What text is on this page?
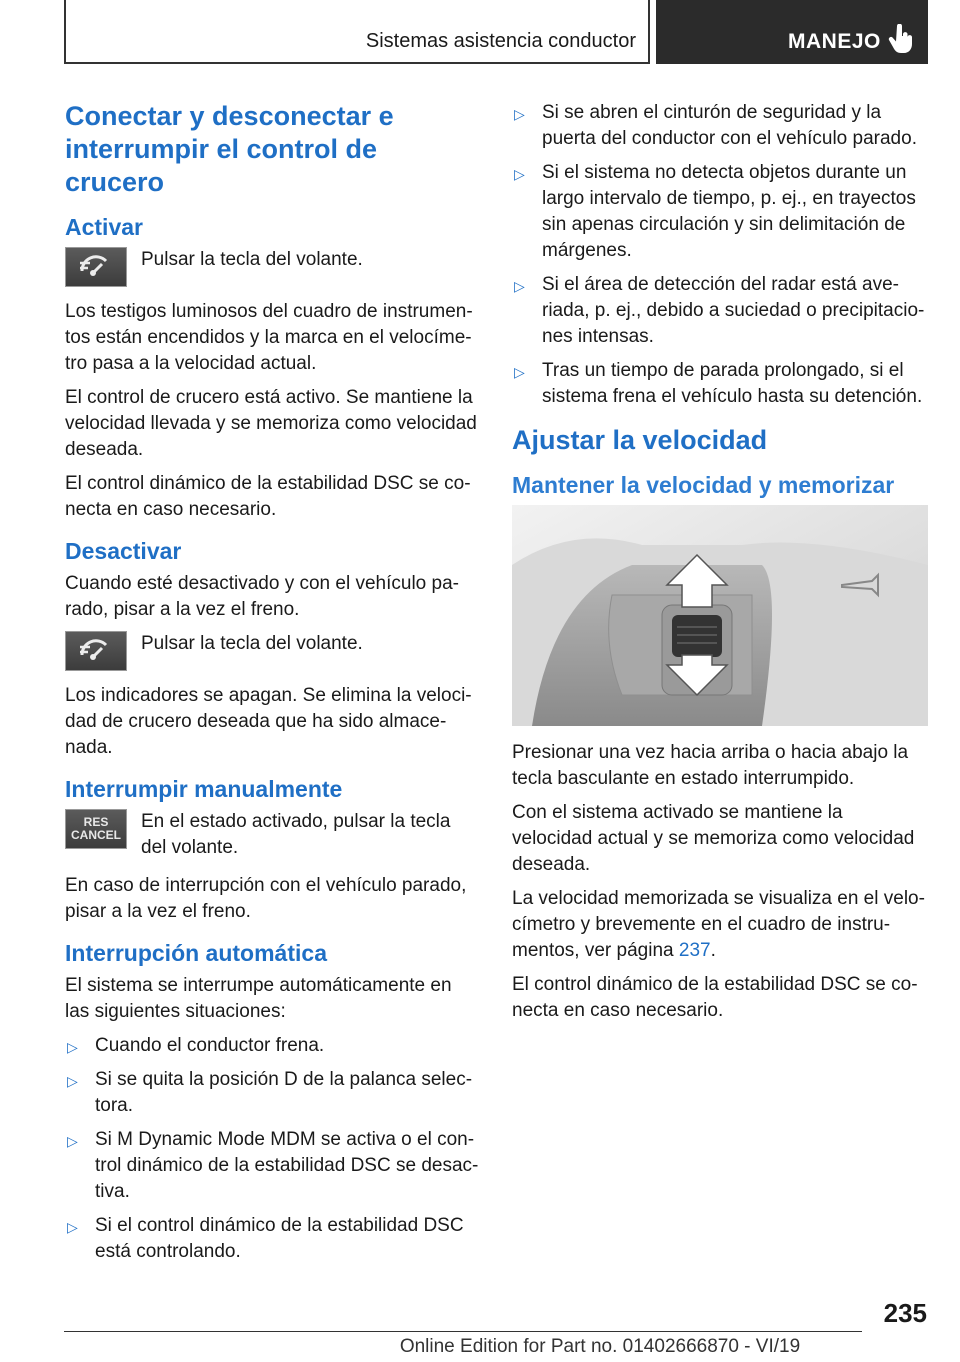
Sistemas asistencia conductor	MANEJO
Conectar y desconectar e interrumpir el control de crucero
Activar

Pulsar la tecla del volante.

Los testigos luminosos del cuadro de instrumen-tos están encendidos y la marca en el velocíme-tro pasa a la velocidad actual.

El control de crucero está activo. Se mantiene la velocidad llevada y se memoriza como velocidad deseada.

El control dinámico de la estabilidad DSC se co-necta en caso necesario.

Desactivar

Cuando esté desactivado y con el vehículo pa-rado, pisar a la vez el freno.

Pulsar la tecla del volante.

Los indicadores se apagan. Se elimina la veloci-dad de crucero deseada que ha sido almace-nada.

Interrumpir manualmente
RES
CANCEL

En el estado activado, pulsar la tecla del volante.

En caso de interrupción con el vehículo parado, pisar a la vez el freno.

Interrupción automática

El sistema se interrumpe automáticamente en las siguientes situaciones:

▷ Cuando el conductor frena.
▷ Si se quita la posición D de la palanca selec-tora.
▷ Si M Dynamic Mode MDM se activa o el con-trol dinámico de la estabilidad DSC se desac-tiva.
▷ Si el control dinámico de la estabilidad DSC está controlando.
▷ Si se abren el cinturón de seguridad y la puerta del conductor con el vehículo parado.
▷ Si el sistema no detecta objetos durante un largo intervalo de tiempo, p. ej., en trayectos sin apenas circulación y sin delimitación de márgenes.
▷ Si el área de detección del radar está ave-riada, p. ej., debido a suciedad o precipitacio-nes intensas.
▷ Tras un tiempo de parada prolongado, si el sistema frena el vehículo hasta su detención.
Ajustar la velocidad
Mantener la velocidad y memorizar

Presionar una vez hacia arriba o hacia abajo la tecla basculante en estado interrumpido.

Con el sistema activado se mantiene la velocidad actual y se memoriza como velocidad deseada.

La velocidad memorizada se visualiza en el velo-címetro y brevemente en el cuadro de instru-mentos, ver página 237.

El control dinámico de la estabilidad DSC se co-necta en caso necesario.

235
Online Edition for Part no. 01402666870 - VI/19
